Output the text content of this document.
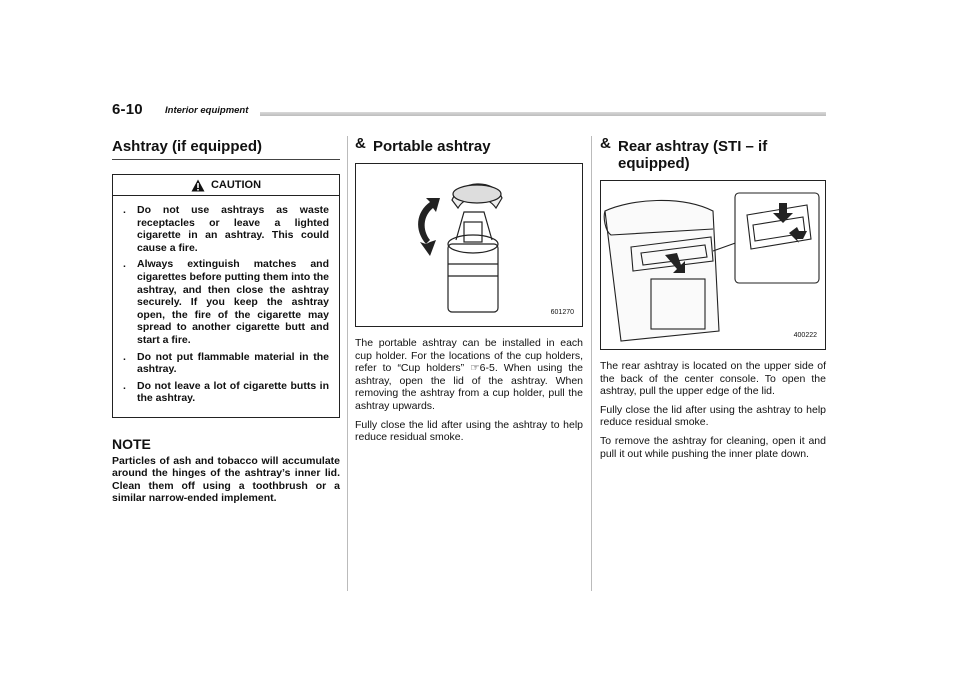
6-10 Interior equipment
Ashtray (if equipped)
CAUTION
.	Do not use ashtrays as waste receptacles or leave a lighted cigarette in an ashtray. This could cause a fire.
.	Always extinguish matches and cigarettes before putting them into the ashtray, and then close the ashtray securely. If you keep the ashtray open, the fire of the cigarette may spread to another cigarette butt and start a fire.
.	Do not put flammable material in the ashtray.
.	Do not leave a lot of cigarette butts in the ashtray.
NOTE
Particles of ash and tobacco will accumulate around the hinges of the ashtray’s inner lid. Clean them off using a toothbrush or a similar narrow-ended implement.
& Portable ashtray
601270

The portable ashtray can be installed in each cup holder. For the locations of the cup holders, refer to “Cup holders” ☞6-5. When using the ashtray, open the lid of the ashtray. When removing the ashtray from a cup holder, pull the ashtray upwards.

Fully close the lid after using the ashtray to help reduce residual smoke.

& Rear ashtray (STI – if equipped)
400222

The rear ashtray is located on the upper side of the back of the center console. To open the ashtray, pull the upper edge of the lid.

Fully close the lid after using the ashtray to help reduce residual smoke.

To remove the ashtray for cleaning, open it and pull it out while pushing the inner plate down.
